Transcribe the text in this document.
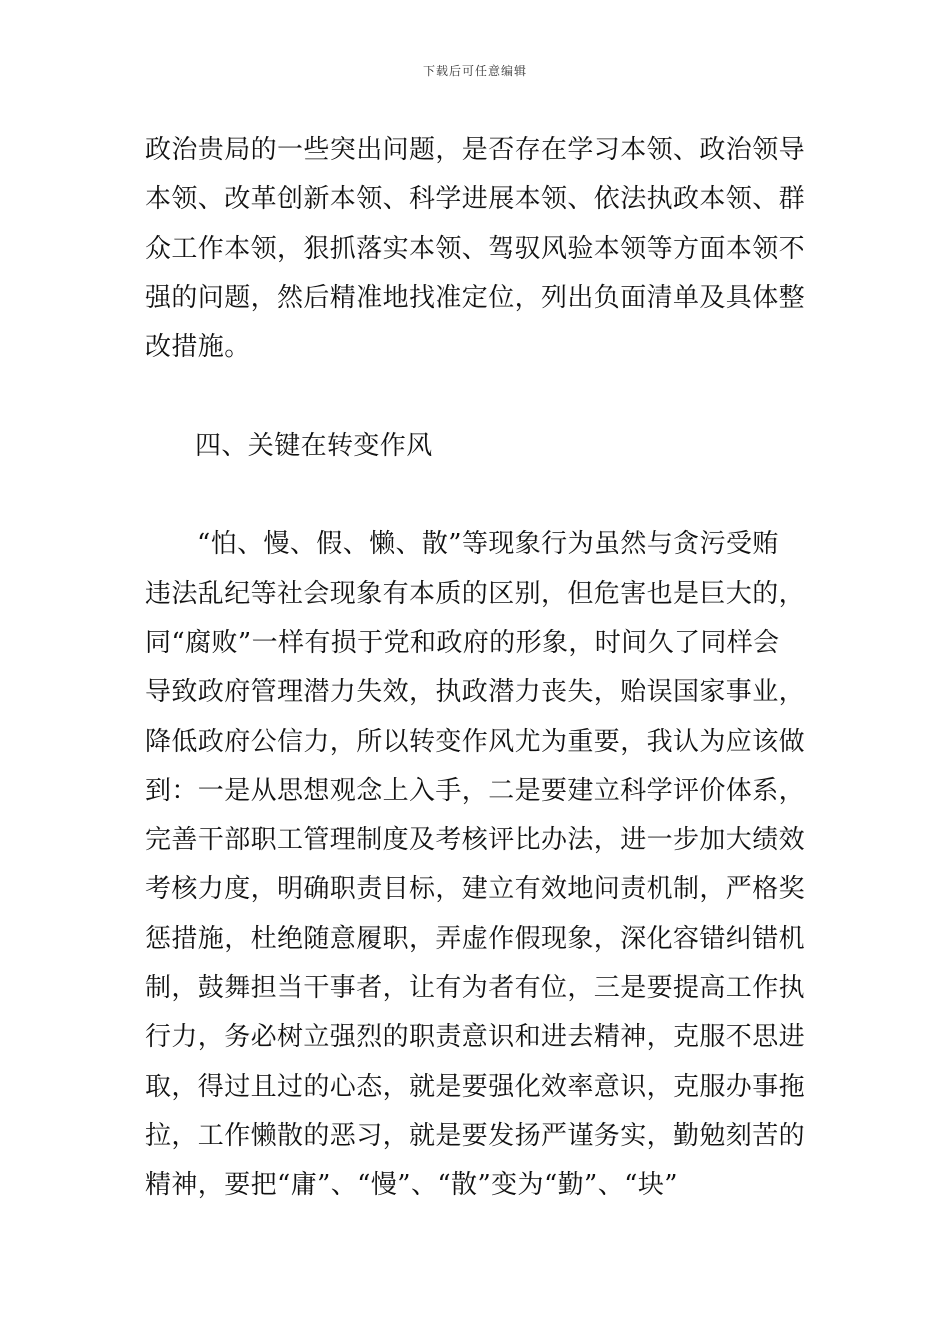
下载后可任意编辑
政治贵局的一些突出问题，是否存在学习本领、政治领导
本领、改革创新本领、科学进展本领、依法执政本领、群
众工作本领，狠抓落实本领、驾驭风验本领等方面本领不
强的问题，然后精准地找准定位，列出负面清单及具体整
改措施。
四、关键在转变作风
“怕、慢、假、懒、散”等现象行为虽然与贪污受贿
违法乱纪等社会现象有本质的区别，但危害也是巨大的，
同“腐败”一样有损于党和政府的形象，时间久了同样会
导致政府管理潜力失效，执政潜力丧失，贻误国家事业，
降低政府公信力，所以转变作风尤为重要，我认为应该做
到：一是从思想观念上入手，二是要建立科学评价体系，
完善干部职工管理制度及考核评比办法，进一步加大绩效
考核力度，明确职责目标，建立有效地问责机制，严格奖
惩措施，杜绝随意履职，弄虚作假现象，深化容错纠错机
制，鼓舞担当干事者，让有为者有位，三是要提高工作执
行力，务必树立强烈的职责意识和进去精神，克服不思进
取，得过且过的心态，就是要强化效率意识，克服办事拖
拉，工作懒散的恶习，就是要发扬严谨务实，勤勉刻苦的
精神，要把“庸”、“慢”、“散”变为“勤”、“块”
